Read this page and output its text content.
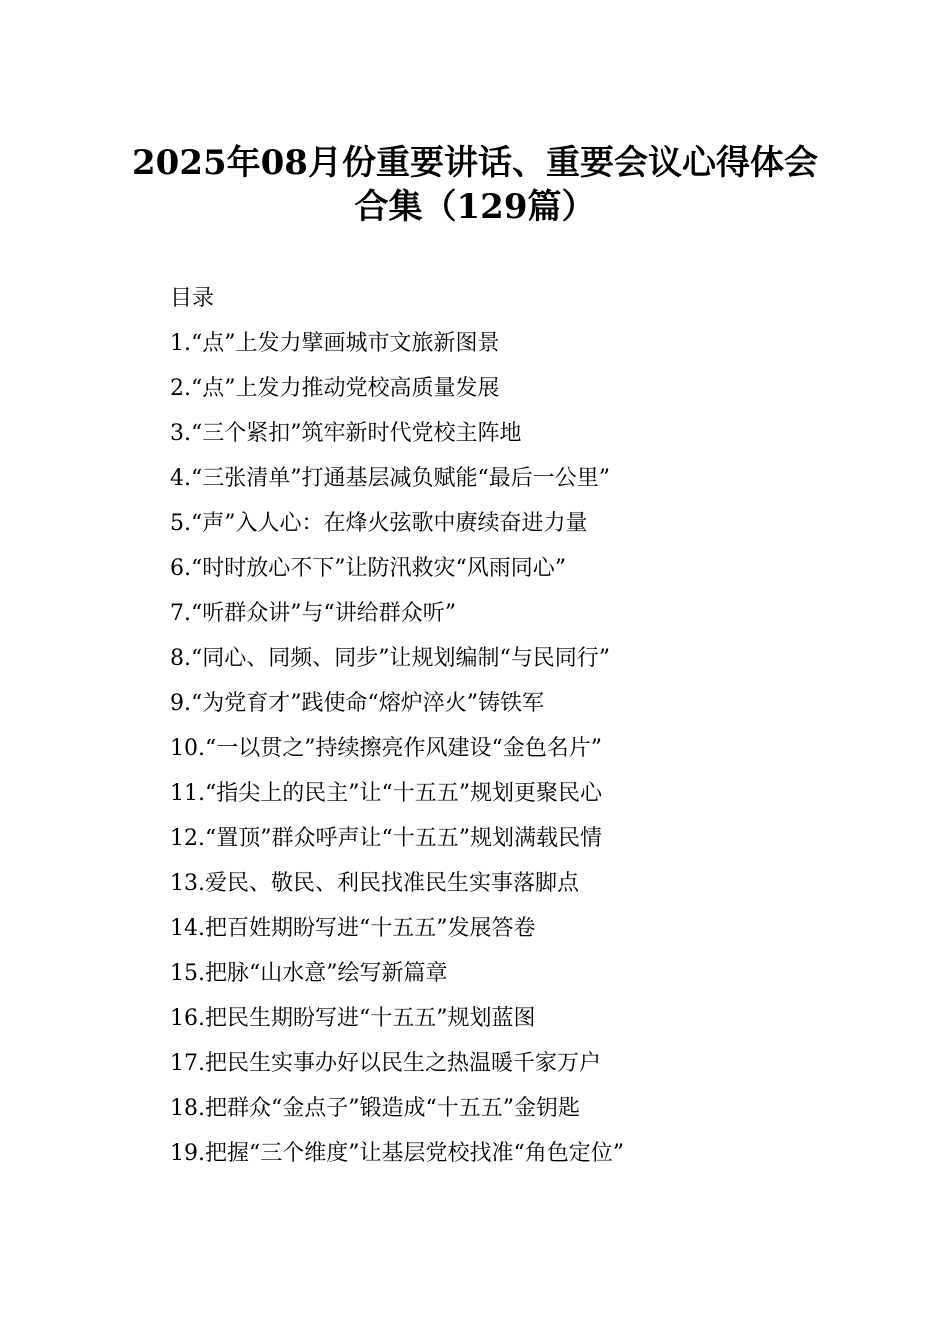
2025年08月份重要讲话、重要会议心得体会
合集（129篇）
目录
1.“点”上发力擘画城市文旅新图景
2.“点”上发力推动党校高质量发展
3.“三个紧扣”筑牢新时代党校主阵地
4.“三张清单”打通基层减负赋能“最后一公里”
5.“声”入人心：在烽火弦歌中赓续奋进力量
6.“时时放心不下”让防汛救灾“风雨同心”
7.“听群众讲”与“讲给群众听”
8.“同心、同频、同步”让规划编制“与民同行”
9.“为党育才”践使命“熔炉淬火”铸铁军
10.“一以贯之”持续擦亮作风建设“金色名片”
11.“指尖上的民主”让“十五五”规划更聚民心
12.“置顶”群众呼声让“十五五”规划满载民情
13.爱民、敬民、利民找准民生实事落脚点
14.把百姓期盼写进“十五五”发展答卷
15.把脉“山水意”绘写新篇章
16.把民生期盼写进“十五五”规划蓝图
17.把民生实事办好以民生之热温暖千家万户
18.把群众“金点子”锻造成“十五五”金钥匙
19.把握“三个维度”让基层党校找准“角色定位”
